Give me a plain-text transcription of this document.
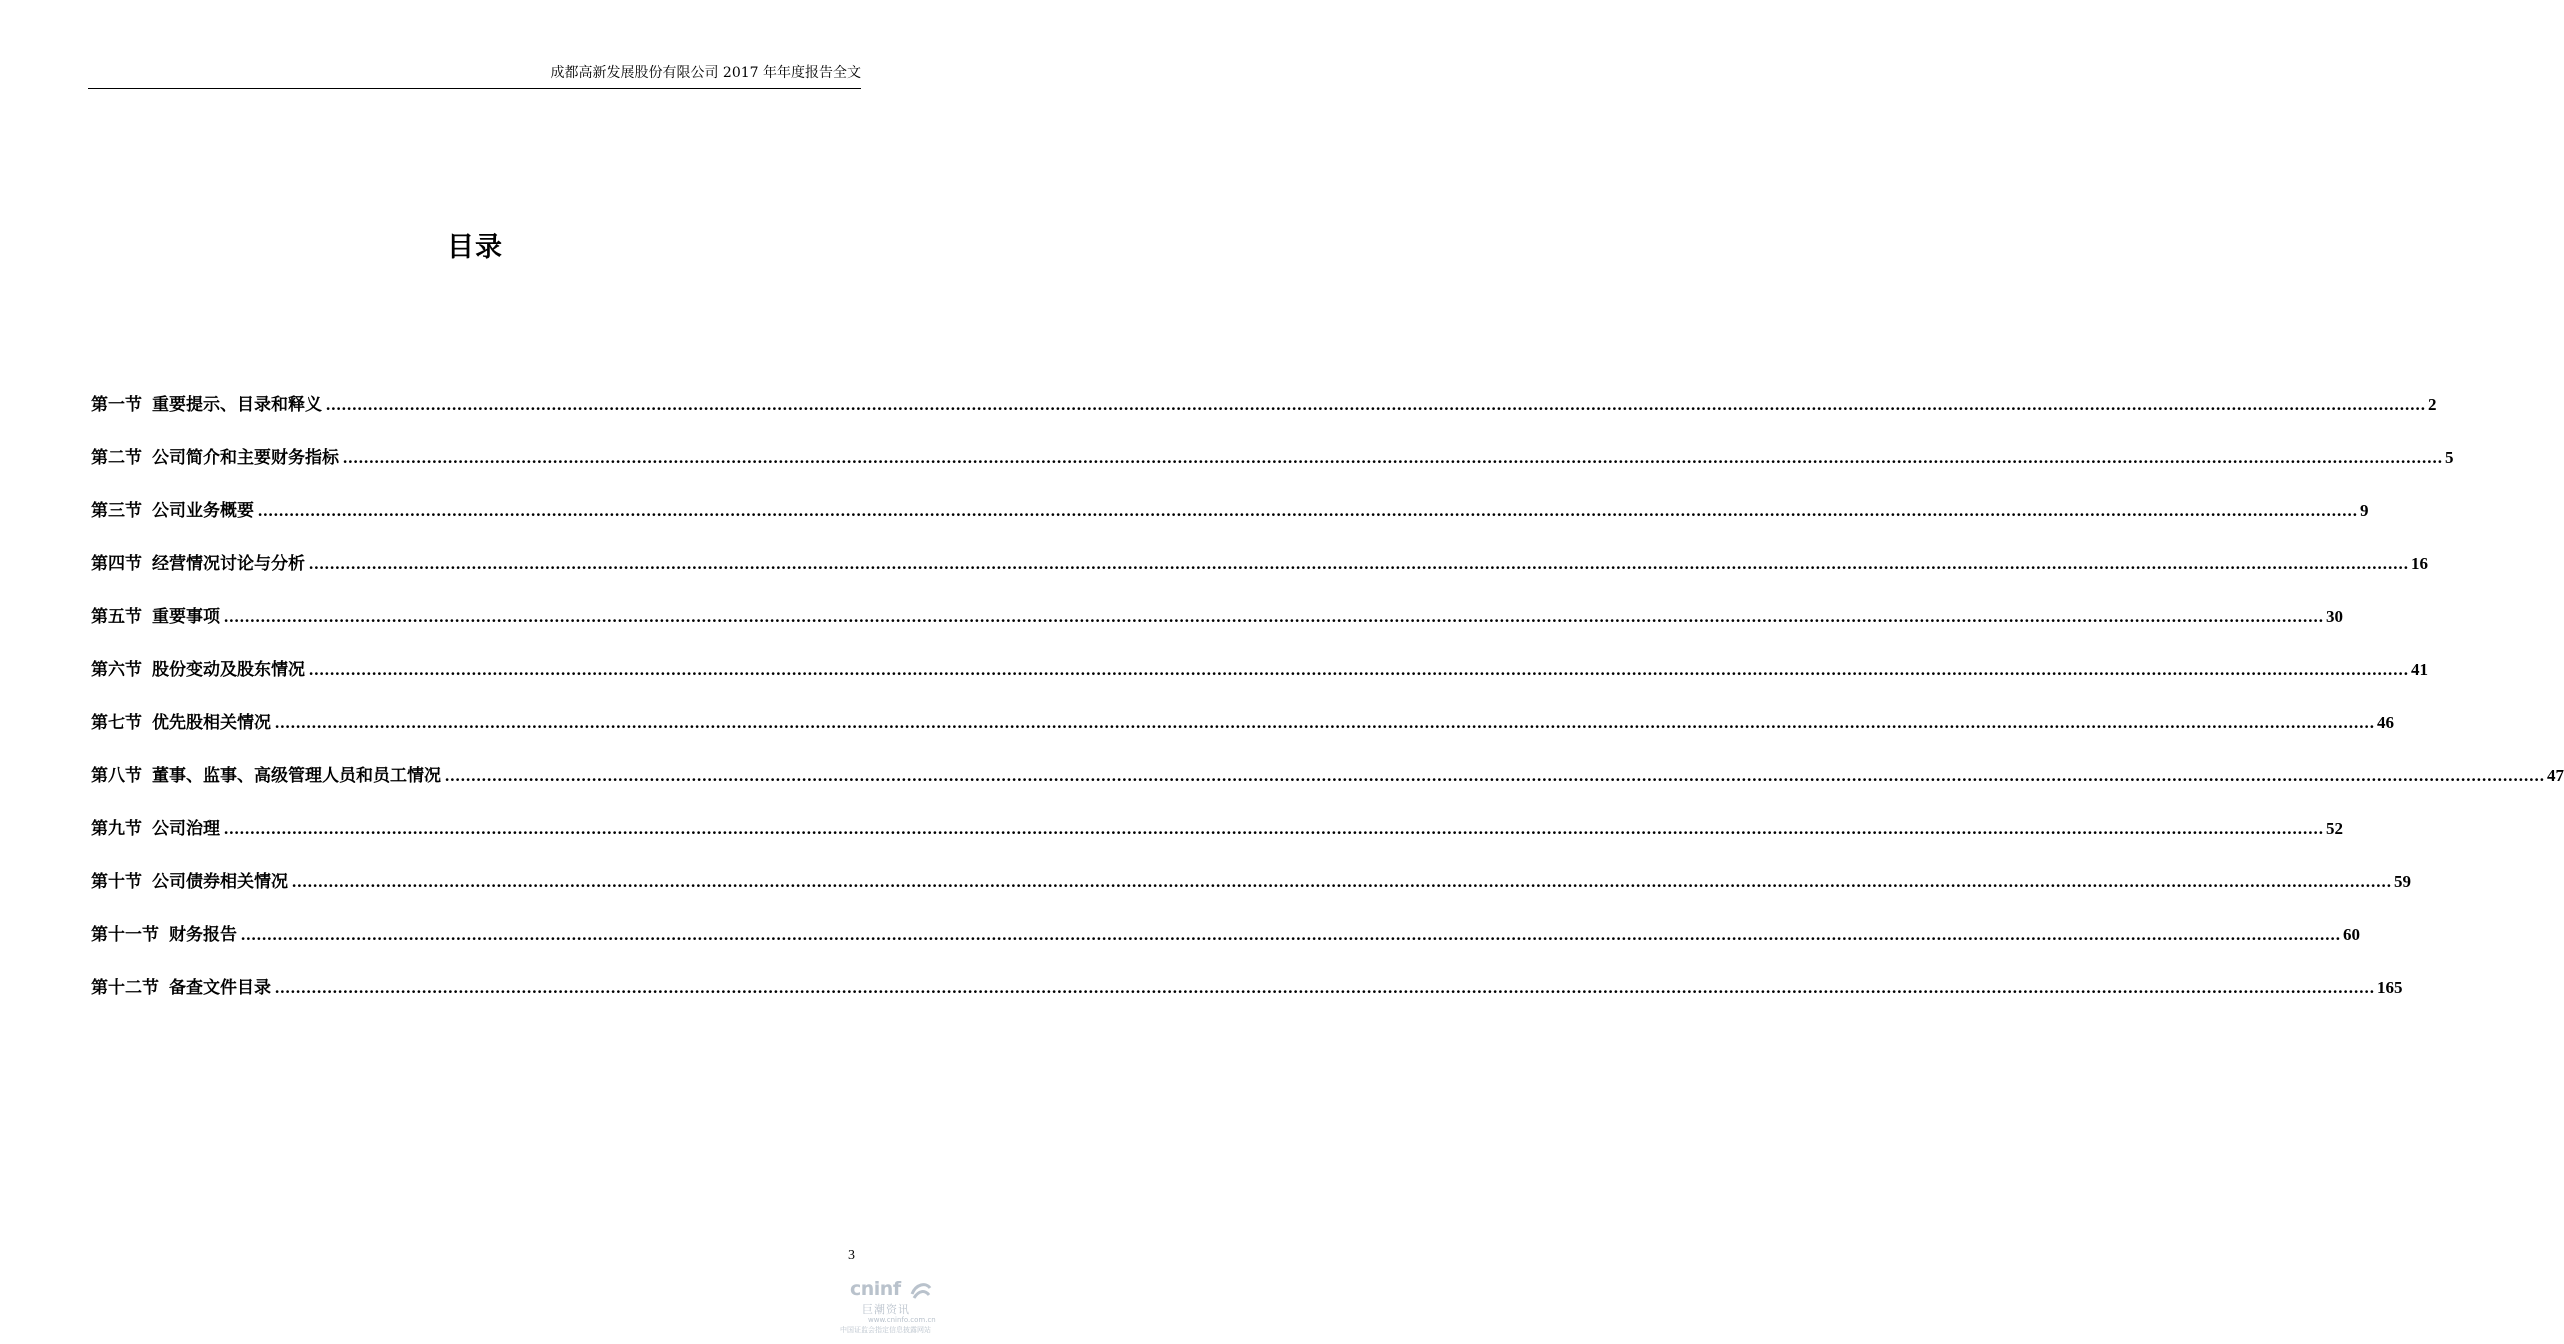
成都高新发展股份有限公司 2017 年年度报告全文
目录
第一节 重要提示、目录和释义 ................................................................................................................................................................................................................................................................................................................................................................................................................ 2
第二节 公司简介和主要财务指标 ................................................................................................................................................................................................................................................................................................................................................................................................................ 5
第三节 公司业务概要 ................................................................................................................................................................................................................................................................................................................................................................................................................ 9
第四节 经营情况讨论与分析 ................................................................................................................................................................................................................................................................................................................................................................................................................ 16
第五节 重要事项 ................................................................................................................................................................................................................................................................................................................................................................................................................ 30
第六节 股份变动及股东情况 ................................................................................................................................................................................................................................................................................................................................................................................................................ 41
第七节 优先股相关情况 ................................................................................................................................................................................................................................................................................................................................................................................................................ 46
第八节 董事、监事、高级管理人员和员工情况 ................................................................................................................................................................................................................................................................................................................................................................................................................ 47
第九节 公司治理 ................................................................................................................................................................................................................................................................................................................................................................................................................ 52
第十节 公司债券相关情况 ................................................................................................................................................................................................................................................................................................................................................................................................................ 59
第十一节 财务报告 ................................................................................................................................................................................................................................................................................................................................................................................................................ 60
第十二节 备查文件目录 ................................................................................................................................................................................................................................................................................................................................................................................................................ 165
3
cninf
巨潮资讯
www.cninfo.com.cn
中国证监会指定信息披露网站
